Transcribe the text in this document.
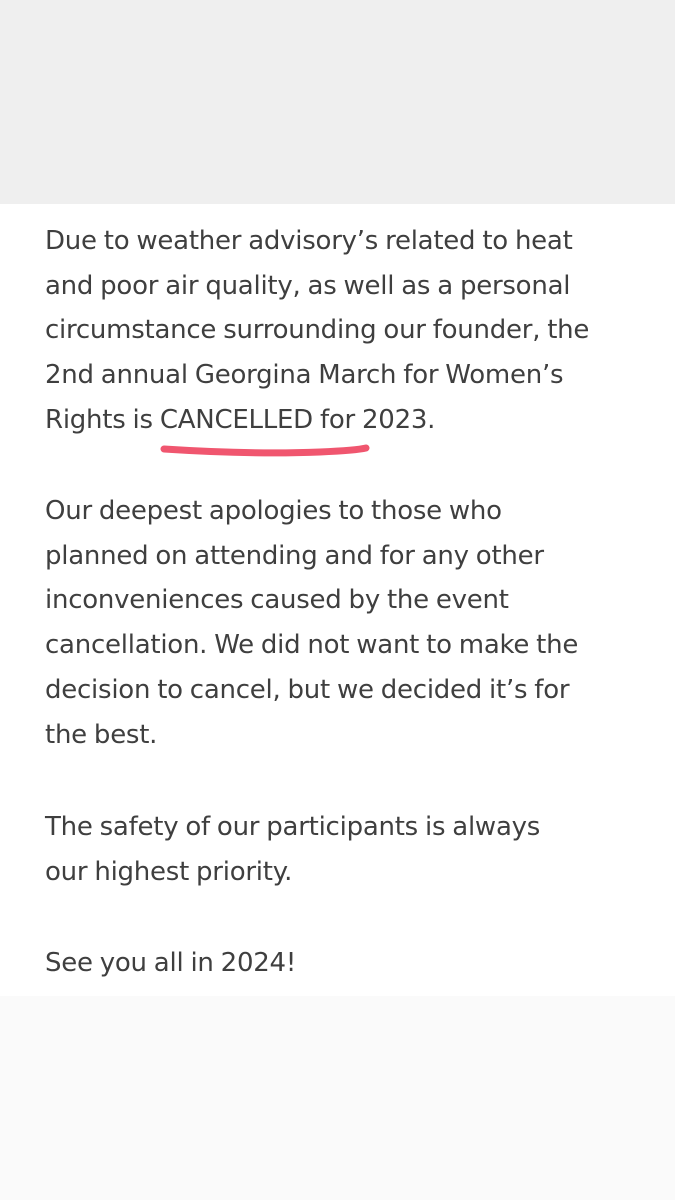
Due to weather advisory’s related to heat
and poor air quality, as well as a personal
circumstance surrounding our founder, the
2nd annual Georgina March for Women’s
Rights is CANCELLED for 2023.

Our deepest apologies to those who
planned on attending and for any other
inconveniences caused by the event
cancellation. We did not want to make the
decision to cancel, but we decided it’s for
the best.

The safety of our participants is always
our highest priority.

See you all in 2024!
